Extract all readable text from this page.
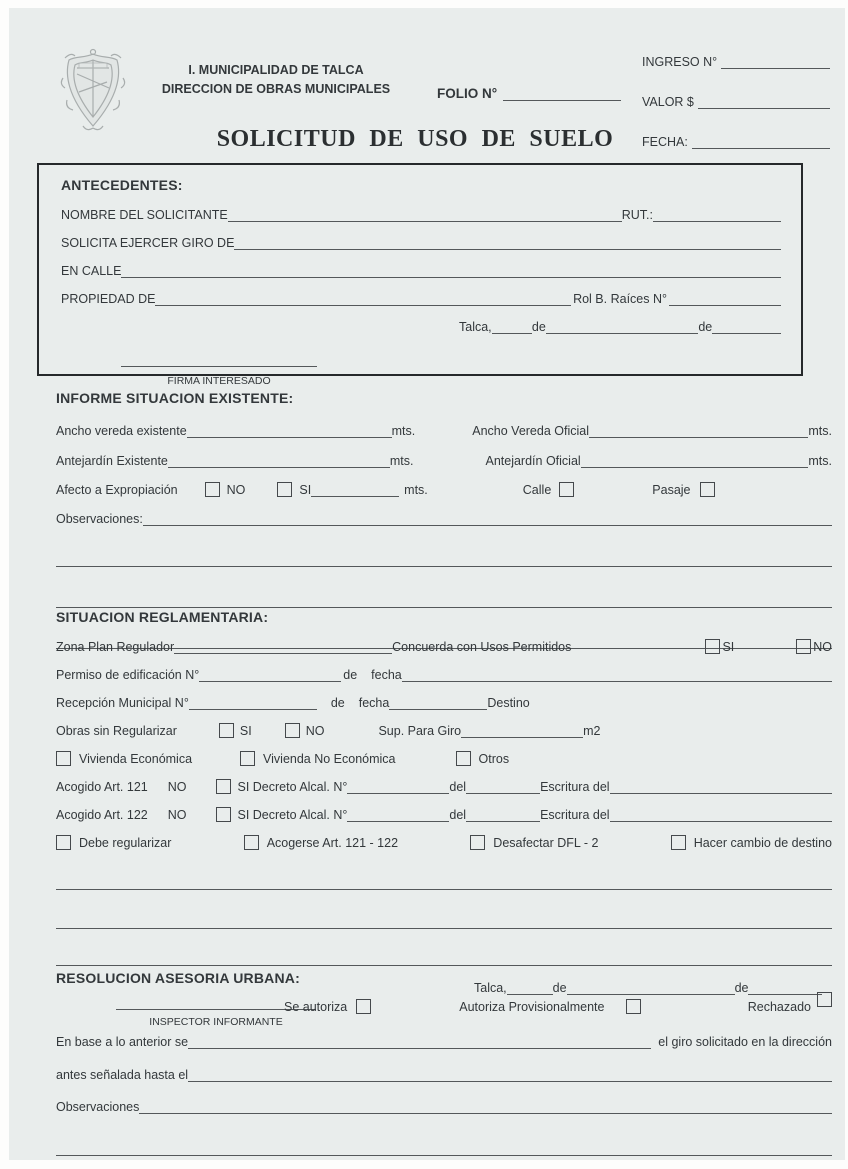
I. MUNICIPALIDAD DE TALCA
DIRECCION DE OBRAS MUNICIPALES	FOLIO N°
INGRESO N°
VALOR $
FECHA:
SOLICITUD DE USO DE SUELO
ANTECEDENTES:
NOMBRE DEL SOLICITANTE	RUT.:
SOLICITA EJERCER GIRO DE
EN CALLE
PROPIEDAD DE	Rol B. Raíces N°
Talca,	de	de
FIRMA INTERESADO
INFORME SITUACION EXISTENTE:
Ancho vereda existente	mts.	Ancho Vereda Oficial	mts.
Antejardín Existente	mts.	Antejardín Oficial	mts.
Afecto a Expropiación	NO	SI	mts.	Calle	Pasaje
Observaciones:
SITUACION REGLAMENTARIA:
Zona Plan Regulador	Concuerda con Usos Permitidos	SI	NO
Permiso de edificación N°	de fecha
Recepción Municipal N°	de fecha	Destino
Obras sin Regularizar	SI	NO	Sup. Para Giro	m2
Vivienda Económica	Vivienda No Económica	Otros
Acogido Art. 121 NO	SI Decreto Alcal. N°	del	Escritura del
Acogido Art. 122 NO	SI Decreto Alcal. N°	del	Escritura del
Debe regularizar	Acogerse Art. 121 - 122	Desafectar DFL - 2	Hacer cambio de destino
Talca,	de	de
INSPECTOR INFORMANTE
RESOLUCION ASESORIA URBANA:
Se autoriza	Autoriza Provisionalmente	Rechazado
En base a lo anterior se	el giro solicitado en la dirección
antes señalada hasta el
Observaciones
